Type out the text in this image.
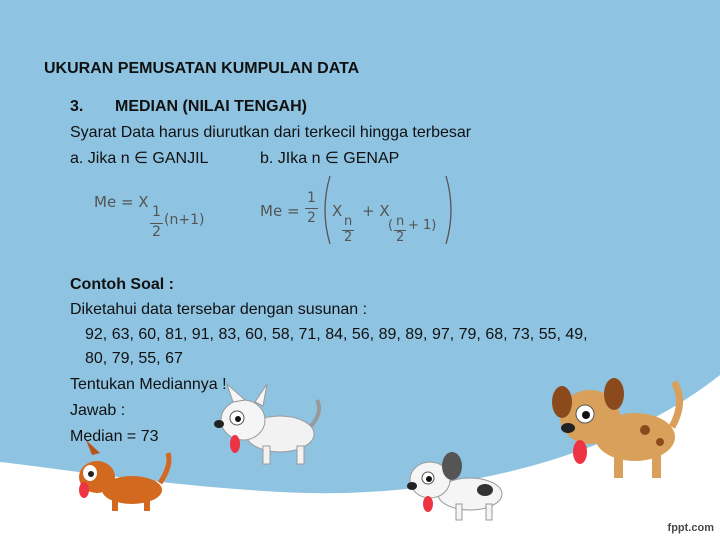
UKURAN PEMUSATAN KUMPULAN DATA
3. MEDIAN (NILAI TENGAH)
Syarat Data harus diurutkan dari terkecil hingga terbesar
a. Jika n ∈ GANJIL	b. JIka n ∈ GENAP
Me = X
1
2
(n+1)	Me =
1
2 X
n
2
+ X
( n
2
+ 1)
Contoh Soal :
Diketahui data tersebar dengan susunan :
92, 63, 60, 81, 91, 83, 60, 58, 71, 84, 56, 89, 89, 97, 79, 68, 73, 55, 49,
80, 79, 55, 67
Tentukan Mediannya !
Jawab :
Median = 73
fppt.com
